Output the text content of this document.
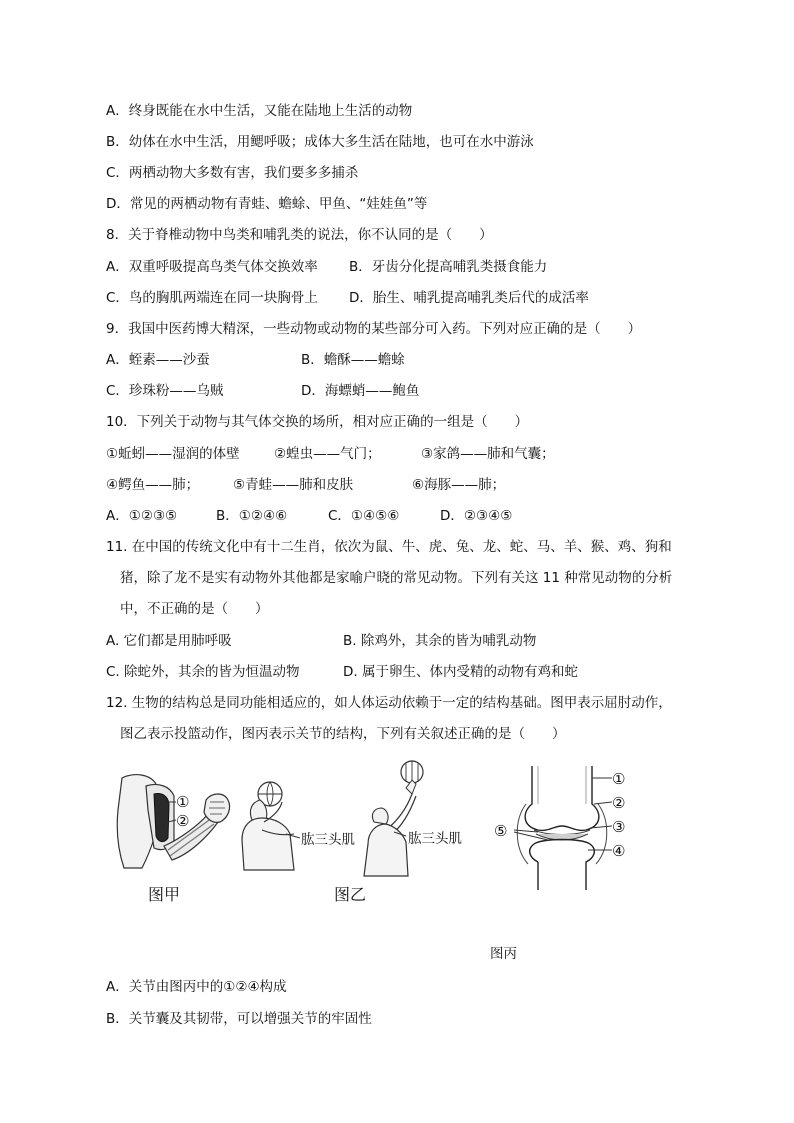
A．终身既能在水中生活，又能在陆地上生活的动物
B．幼体在水中生活，用鳃呼吸；成体大多生活在陆地，也可在水中游泳
C．两栖动物大多数有害，我们要多多捕杀
D．常见的两栖动物有青蛙、蟾蜍、甲鱼、“娃娃鱼”等
8．关于脊椎动物中鸟类和哺乳类的说法，你不认同的是（　　）
A．双重呼吸提高鸟类气体交换效率 B．牙齿分化提高哺乳类摄食能力
C．鸟的胸肌两端连在同一块胸骨上 D．胎生、哺乳提高哺乳类后代的成活率
9．我国中医药博大精深，一些动物或动物的某些部分可入药。下列对应正确的是（　　）
A．蛭素——沙蚕	B．蟾酥——蟾蜍
C．珍珠粉——乌贼	D．海螵蛸——鲍鱼
10．下列关于动物与其气体交换的场所，相对应正确的一组是（　　）
①蚯蚓——湿润的体壁	②蝗虫——气门；	③家鸽——肺和气囊；
④鳄鱼——肺；	⑤青蛙——肺和皮肤	⑥海豚——肺；
A．①②③⑤	B．①②④⑥	C．①④⑤⑥	D．②③④⑤
11. 在中国的传统文化中有十二生肖，依次为鼠、牛、虎、兔、龙、蛇、马、羊、猴、鸡、狗和
猪，除了龙不是实有动物外其他都是家喻户晓的常见动物。下列有关这 11 种常见动物的分析
中，不正确的是（　　）
A. 它们都是用肺呼吸	B. 除鸡外，其余的皆为哺乳动物
C. 除蛇外，其余的皆为恒温动物	D. 属于卵生、体内受精的动物有鸡和蛇
12. 生物的结构总是同功能相适应的，如人体运动依赖于一定的结构基础。图甲表示屈肘动作，
图乙表示投篮动作，图丙表示关节的结构，下列有关叙述正确的是（　　）
①
②
图甲
肱三头肌	肱三头肌
图乙
①
②
③
④
⑤
图丙
A．关节由图丙中的①②④构成
B．关节囊及其韧带，可以增强关节的牢固性
